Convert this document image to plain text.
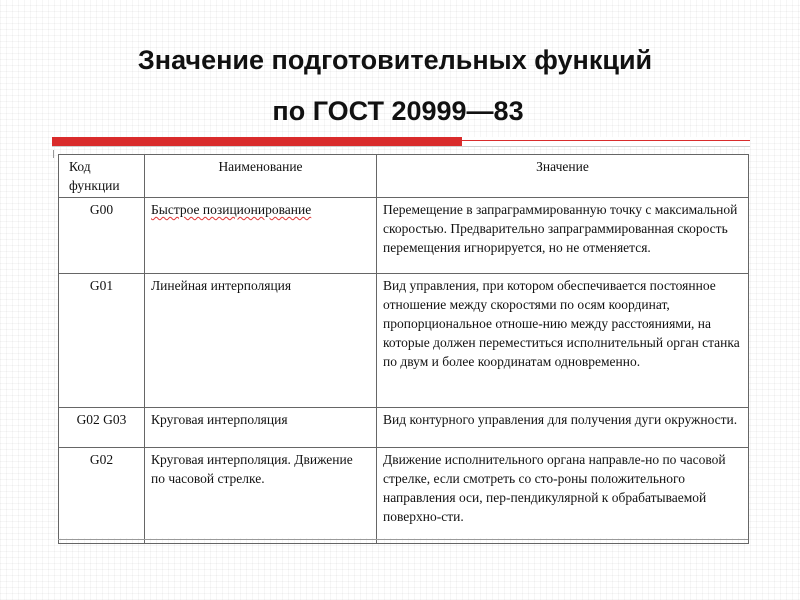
Значение подготовительных функций
по ГОСТ 20999—83
Код функции	Наименование	Значение
G00	Быстрое позиционирование	Перемещение в запраграммированную точку с максимальной скоростью. Предварительно запраграммированная скорость перемещения игнорируется, но не отменяется.
G01	Линейная интерполяция	Вид управления, при котором обеспечивается постоянное отношение между скоростями по осям координат, пропорциональное отноше-нию между расстояниями, на которые должен переместиться исполнительный орган станка по двум и более координатам одновременно.
G02 G03	Круговая интерполяция	Вид контурного управления для получения дуги окружности.
G02	Круговая интерполяция. Движение по часовой стрелке.	Движение исполнительного органа направле-но по часовой стрелке, если смотреть со сто-роны положительного направления оси, пер-пендикулярной к обрабатываемой поверхно-сти.
